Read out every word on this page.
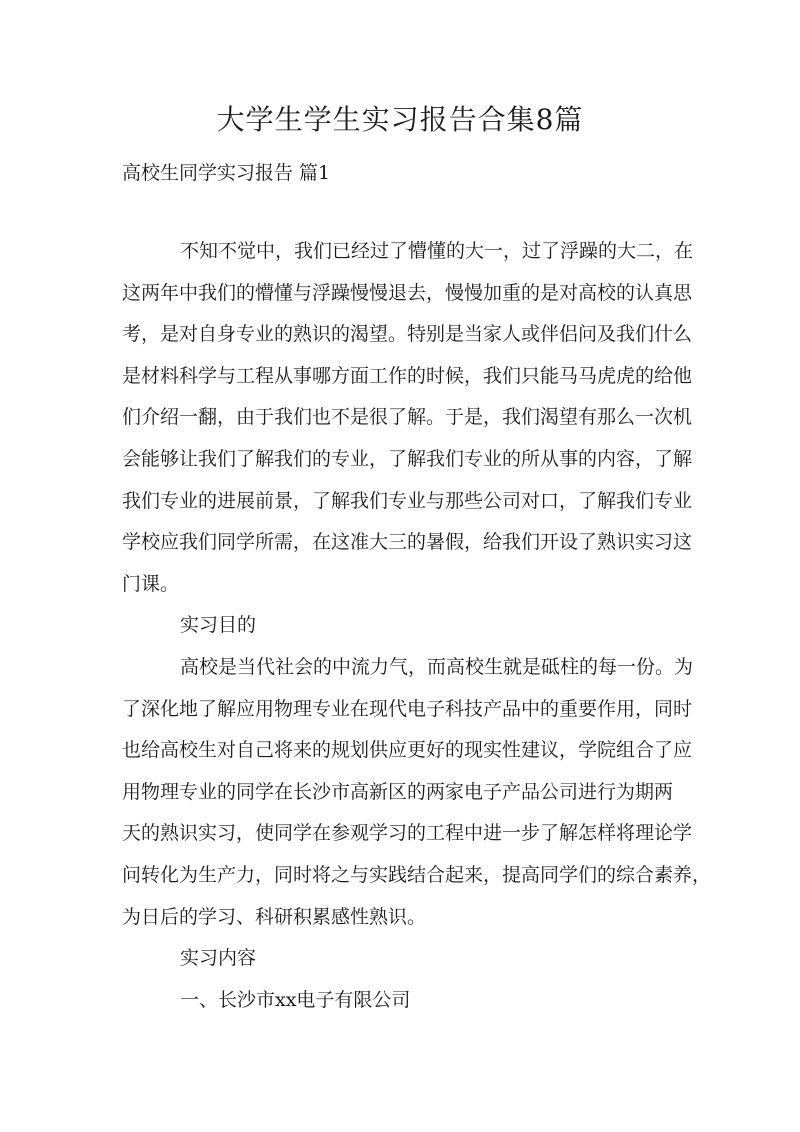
大学生学生实习报告合集8篇
高校生同学实习报告 篇1
不知不觉中，我们已经过了懵懂的大一，过了浮躁的大二，在
这两年中我们的懵懂与浮躁慢慢退去，慢慢加重的是对高校的认真思
考，是对自身专业的熟识的渴望。特别是当家人或伴侣问及我们什么
是材料科学与工程从事哪方面工作的时候，我们只能马马虎虎的给他
们介绍一翻，由于我们也不是很了解。于是，我们渴望有那么一次机
会能够让我们了解我们的专业，了解我们专业的所从事的内容，了解
我们专业的进展前景，了解我们专业与那些公司对口，了解我们专业
学校应我们同学所需，在这准大三的暑假，给我们开设了熟识实习这
门课。
实习目的
高校是当代社会的中流力气，而高校生就是砥柱的每一份。为
了深化地了解应用物理专业在现代电子科技产品中的重要作用，同时
也给高校生对自己将来的规划供应更好的现实性建议，学院组合了应
用物理专业的同学在长沙市高新区的两家电子产品公司进行为期两
天的熟识实习，使同学在参观学习的工程中进一步了解怎样将理论学
问转化为生产力，同时将之与实践结合起来，提高同学们的综合素养，
为日后的学习、科研积累感性熟识。
实习内容
一、长沙市xx电子有限公司
